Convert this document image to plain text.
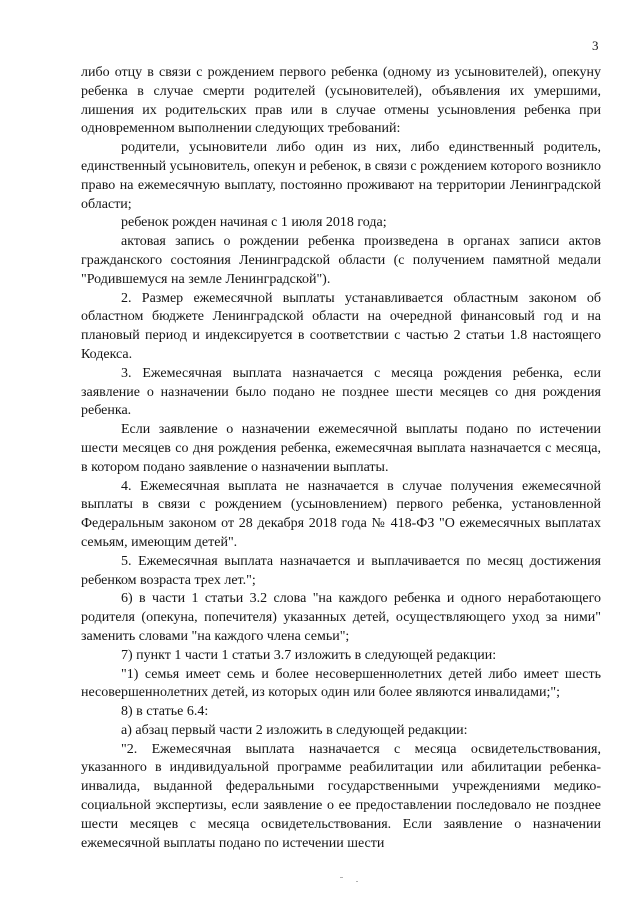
3

либо отцу в связи с рождением первого ребенка (одному из усыновителей), опекуну ребенка в случае смерти родителей (усыновителей), объявления их умершими, лишения их родительских прав или в случае отмены усыновления ребенка при одновременном выполнении следующих требований:

родители, усыновители либо один из них, либо единственный родитель, единственный усыновитель, опекун и ребенок, в связи с рождением которого возникло право на ежемесячную выплату, постоянно проживают на территории Ленинградской области;

ребенок рожден начиная с 1 июля 2018 года;

актовая запись о рождении ребенка произведена в органах записи актов гражданского состояния Ленинградской области (с получением памятной медали "Родившемуся на земле Ленинградской").

2. Размер ежемесячной выплаты устанавливается областным законом об областном бюджете Ленинградской области на очередной финансовый год и на плановый период и индексируется в соответствии с частью 2 статьи 1.8 настоящего Кодекса.

3. Ежемесячная выплата назначается с месяца рождения ребенка, если заявление о назначении было подано не позднее шести месяцев со дня рождения ребенка.

Если заявление о назначении ежемесячной выплаты подано по истечении шести месяцев со дня рождения ребенка, ежемесячная выплата назначается с месяца, в котором подано заявление о назначении выплаты.

4. Ежемесячная выплата не назначается в случае получения ежемесячной выплаты в связи с рождением (усыновлением) первого ребенка, установленной Федеральным законом от 28 декабря 2018 года № 418-ФЗ "О ежемесячных выплатах семьям, имеющим детей".

5. Ежемесячная выплата назначается и выплачивается по месяц достижения ребенком возраста трех лет.";

6) в части 1 статьи 3.2 слова "на каждого ребенка и одного неработающего родителя (опекуна, попечителя) указанных детей, осуществляющего уход за ними" заменить словами "на каждого члена семьи";

7) пункт 1 части 1 статьи 3.7 изложить в следующей редакции:

"1) семья имеет семь и более несовершеннолетних детей либо имеет шесть несовершеннолетних детей, из которых один или более являются инвалидами;";

8) в статье 6.4:

а) абзац первый части 2 изложить в следующей редакции:

"2. Ежемесячная выплата назначается с месяца освидетельствования, указанного в индивидуальной программе реабилитации или абилитации ребенка-инвалида, выданной федеральными государственными учреждениями медико-социальной экспертизы, если заявление о ее предоставлении последовало не позднее шести месяцев с месяца освидетельствования. Если заявление о назначении ежемесячной выплаты подано по истечении шести
